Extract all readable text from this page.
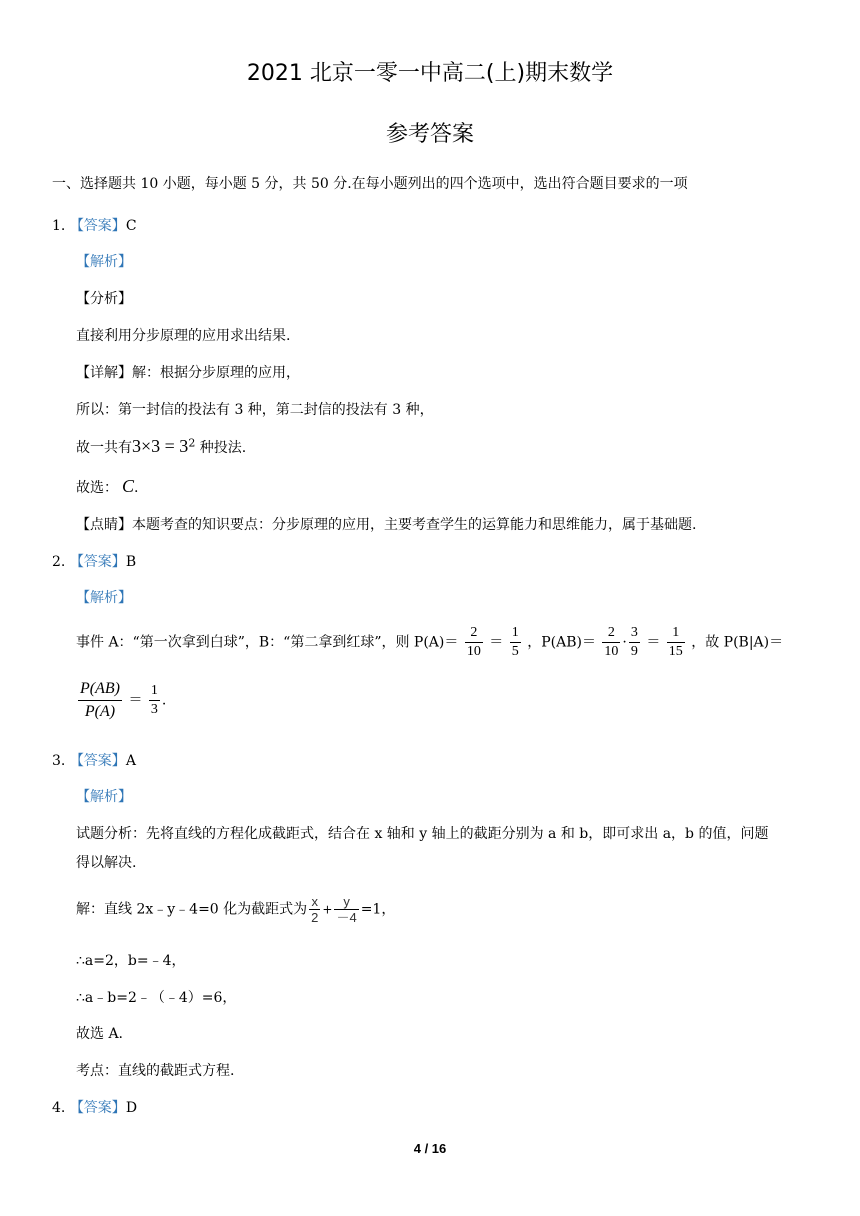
2021 北京一零一中高二(上)期末数学
参考答案
一、选择题共 10 小题，每小题 5 分，共 50 分.在每小题列出的四个选项中，选出符合题目要求的一项
1. 【答案】C
【解析】
【分析】
直接利用分步原理的应用求出结果.
【详解】解：根据分步原理的应用，
所以：第一封信的投法有 3 种，第二封信的投法有 3 种，
故一共有$3\times 3 = 3^2$ 种投法.
故选： C.
【点睛】本题考查的知识要点：分步原理的应用，主要考查学生的运算能力和思维能力，属于基础题.
2. 【答案】B
【解析】
事件 A：“第一次拿到白球”，B：“第二拿到红球”，则 $P(A)= \frac{2}{10} = \frac{1}{5}$ ，$P(AB)= \frac{2}{10} \cdot \frac{3}{9} = \frac{1}{15}$ ，故 P(B|A)＝
$\frac{P(AB)}{P(A)} = \frac{1}{3}$ .
3. 【答案】A
【解析】
试题分析：先将直线的方程化成截距式，结合在 x 轴和 y 轴上的截距分别为 a 和 b，即可求出 a，b 的值，问题
得以解决.
解：直线 2x﹣y﹣4=0 化为截距式为 $\frac{x}{2} + \frac{y}{-4} =1$，
∴a=2，b=﹣4，
∴a﹣b=2﹣（﹣4）=6，
故选 A.
考点：直线的截距式方程.
4. 【答案】D
4 / 16
